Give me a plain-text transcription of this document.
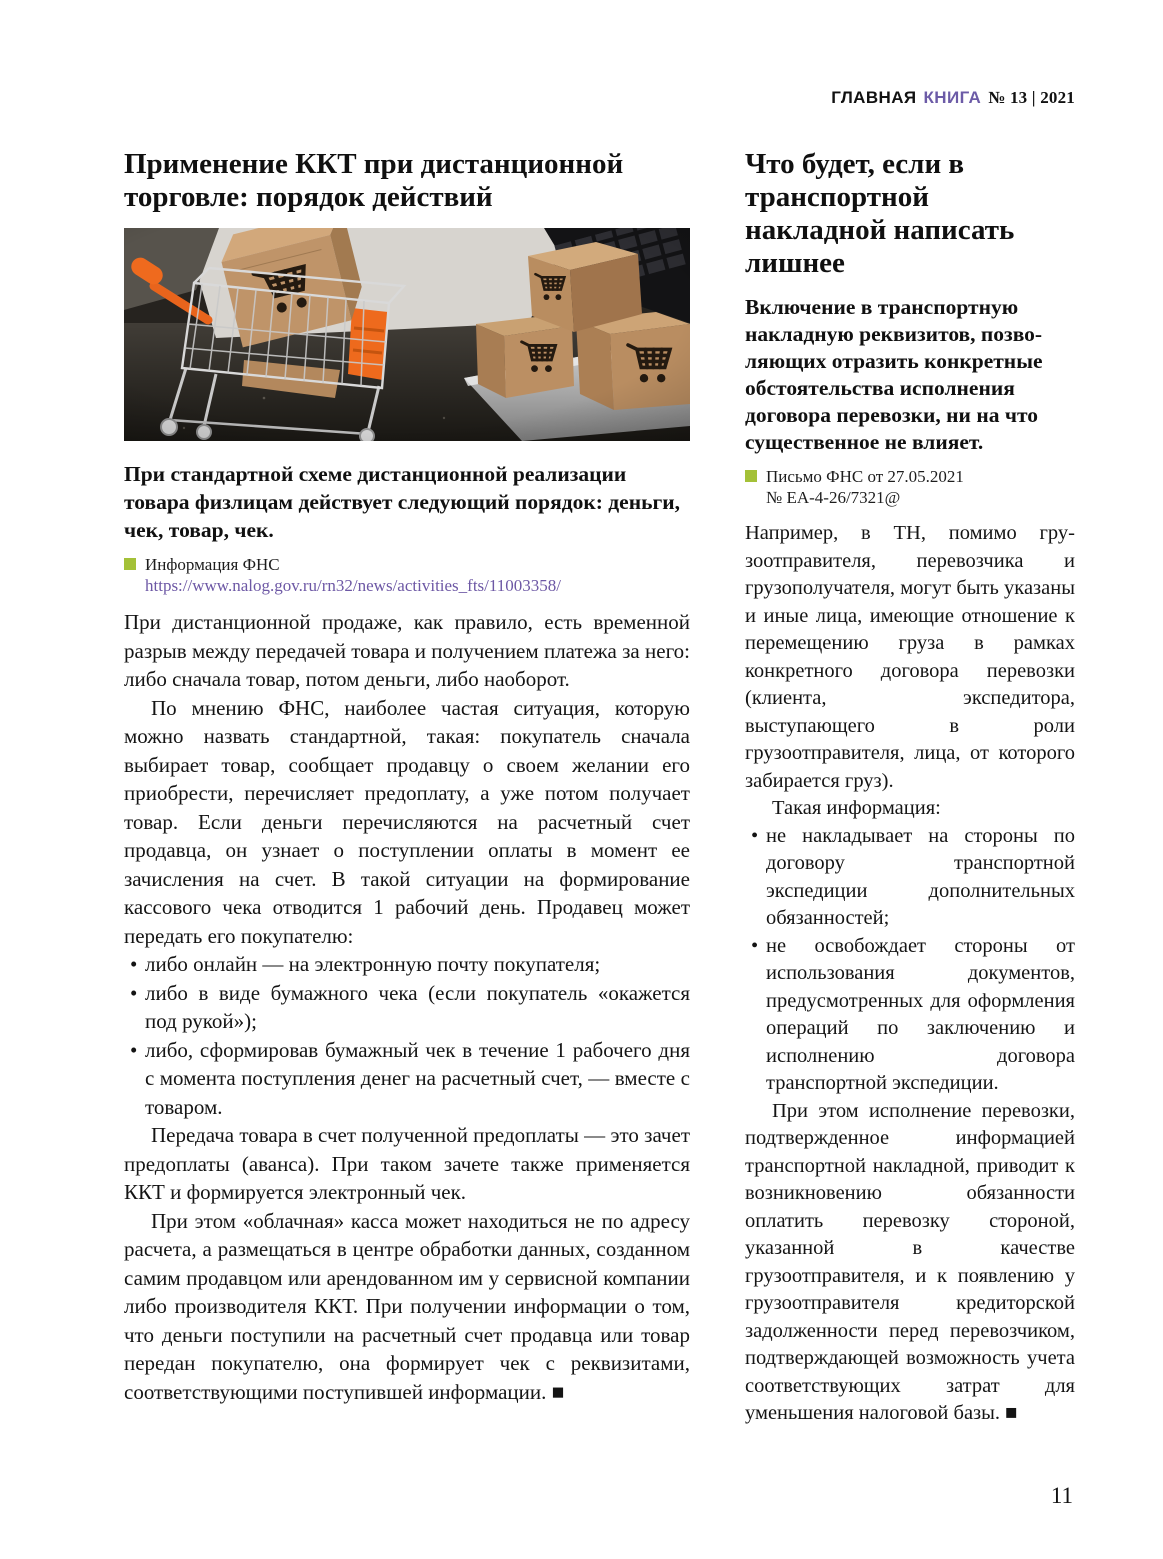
ГЛАВНАЯ КНИГА № 13 | 2021
Применение ККТ при дистанционной торговле: порядок действий

При стандартной схеме дистанционной реализации товара физлицам действует следующий порядок: деньги, чек, товар, чек.

Информация ФНС
https://www.nalog.gov.ru/rn32/news/activities_fts/11003358/

При дистанционной продаже, как правило, есть временной разрыв между передачей товара и получением платежа за него: либо сначала товар, потом деньги, либо наоборот.

По мнению ФНС, наиболее частая ситуация, которую можно назвать стандартной, такая: покупатель сначала выбирает товар, сообщает продавцу о своем желании его приобрести, перечисляет предоплату, а уже потом получает товар. Если деньги перечисляются на расчетный счет продавца, он узнает о поступлении оплаты в момент ее зачисления на счет. В такой ситуации на формирование кассового чека отводится 1 рабочий день. Продавец может передать его покупателю:

• либо онлайн — на электронную почту покупателя;
• либо в виде бумажного чека (если покупатель «окажется под рукой»);
• либо, сформировав бумажный чек в течение 1 рабочего дня с момента поступления денег на расчетный счет, — вместе с товаром.

Передача товара в счет полученной предоплаты — это зачет предоплаты (аванса). При таком зачете также применяется ККТ и формируется электронный чек.

При этом «облачная» касса может находиться не по адресу расчета, а размещаться в центре обработки данных, созданном самим продавцом или арендованном им у сервисной компании либо производителя ККТ. При получении информации о том, что деньги поступили на расчетный счет продавца или товар передан покупателю, она формирует чек с реквизитами, соответствующими поступившей информации. ■

Что будет, если в транспортной накладной написать лишнее

Включение в транспортную накладную реквизитов, позволяющих отразить конкретные обстоятельства исполнения договора перевозки, ни на что существенное не влияет.

Письмо ФНС от 27.05.2021
№ ЕА-4-26/7321@

Например, в ТН, помимо грузоотправителя, перевозчика и грузополучателя, могут быть указаны и иные лица, имеющие отношение к перемещению груза в рамках конкретного договора перевозки (клиента, экспедитора, выступающего в роли грузоотправителя, лица, от которого забирается груз).

Такая информация:

• не накладывает на стороны по договору транспортной экспедиции дополнительных обязанностей;
• не освобождает стороны от использования документов, предусмотренных для оформления операций по заключению и исполнению договора транспортной экспедиции.

При этом исполнение перевозки, подтвержденное информацией транспортной накладной, приводит к возникновению обязанности оплатить перевозку стороной, указанной в качестве грузоотправителя, и к появлению у грузоотправителя кредиторской задолженности перед перевозчиком, подтверждающей возможность учета соответствующих затрат для уменьшения налоговой базы. ■

11
